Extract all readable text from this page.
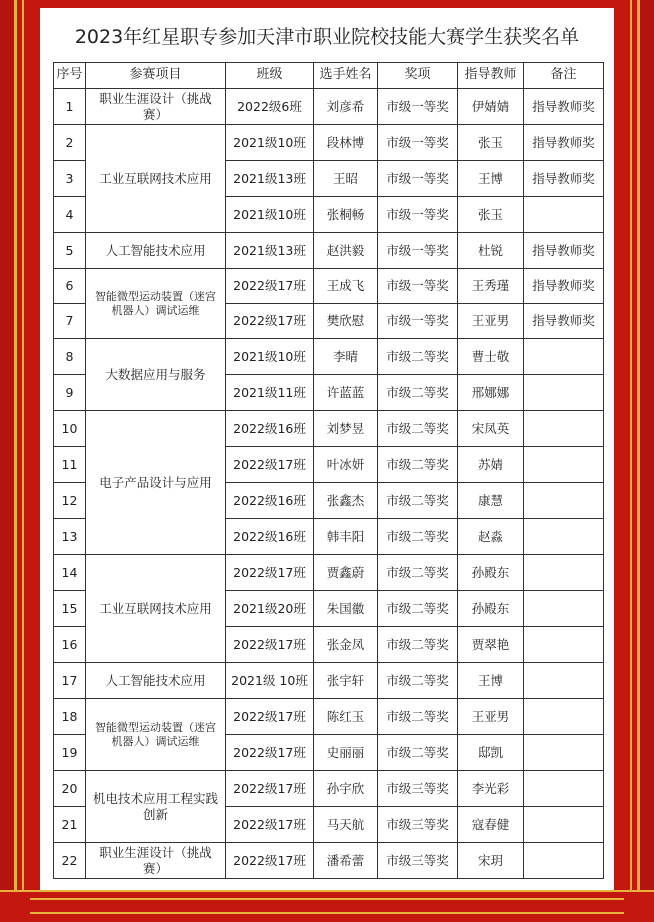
2023年红星职专参加天津市职业院校技能大赛学生获奖名单
序号	参赛项目	班级	选手姓名	奖项	指导教师	备注
1	职业生涯设计（挑战赛）	2022级6班	刘彦希	市级一等奖	伊婧婧	指导教师奖
2	工业互联网技术应用	2021级10班	段林博	市级一等奖	张玉	指导教师奖
3		2021级13班	王昭	市级一等奖	王博	指导教师奖
4		2021级10班	张桐畅	市级一等奖	张玉	
5	人工智能技术应用	2021级13班	赵洪毅	市级一等奖	杜锐	指导教师奖
6	智能微型运动装置（迷宫机器人）调试运维	2022级17班	王成飞	市级一等奖	王秀瑾	指导教师奖
7		2022级17班	樊欣慰	市级一等奖	王亚男	指导教师奖
8	大数据应用与服务	2021级10班	李晴	市级二等奖	曹士敬	
9		2021级11班	许蓝蓝	市级二等奖	邢娜娜	
10	电子产品设计与应用	2022级16班	刘梦昱	市级二等奖	宋凤英	
11		2022级17班	叶冰妍	市级二等奖	苏婧	
12		2022级16班	张鑫杰	市级二等奖	康慧	
13		2022级16班	韩丰阳	市级二等奖	赵淼	
14	工业互联网技术应用	2022级17班	贾鑫蔚	市级二等奖	孙殿东	
15		2021级20班	朱国徽	市级二等奖	孙殿东	
16		2022级17班	张金凤	市级二等奖	贾翠艳	
17	人工智能技术应用	2021级 10班	张宇轩	市级二等奖	王博	
18	智能微型运动装置（迷宫机器人）调试运维	2022级17班	陈红玉	市级二等奖	王亚男	
19		2022级17班	史丽丽	市级二等奖	邸凯	
20	机电技术应用工程实践创新	2022级17班	孙宇欣	市级三等奖	李光彩	
21		2022级17班	马天航	市级三等奖	寇春健	
22	职业生涯设计（挑战赛）	2022级17班	潘希蕾	市级三等奖	宋玥	
